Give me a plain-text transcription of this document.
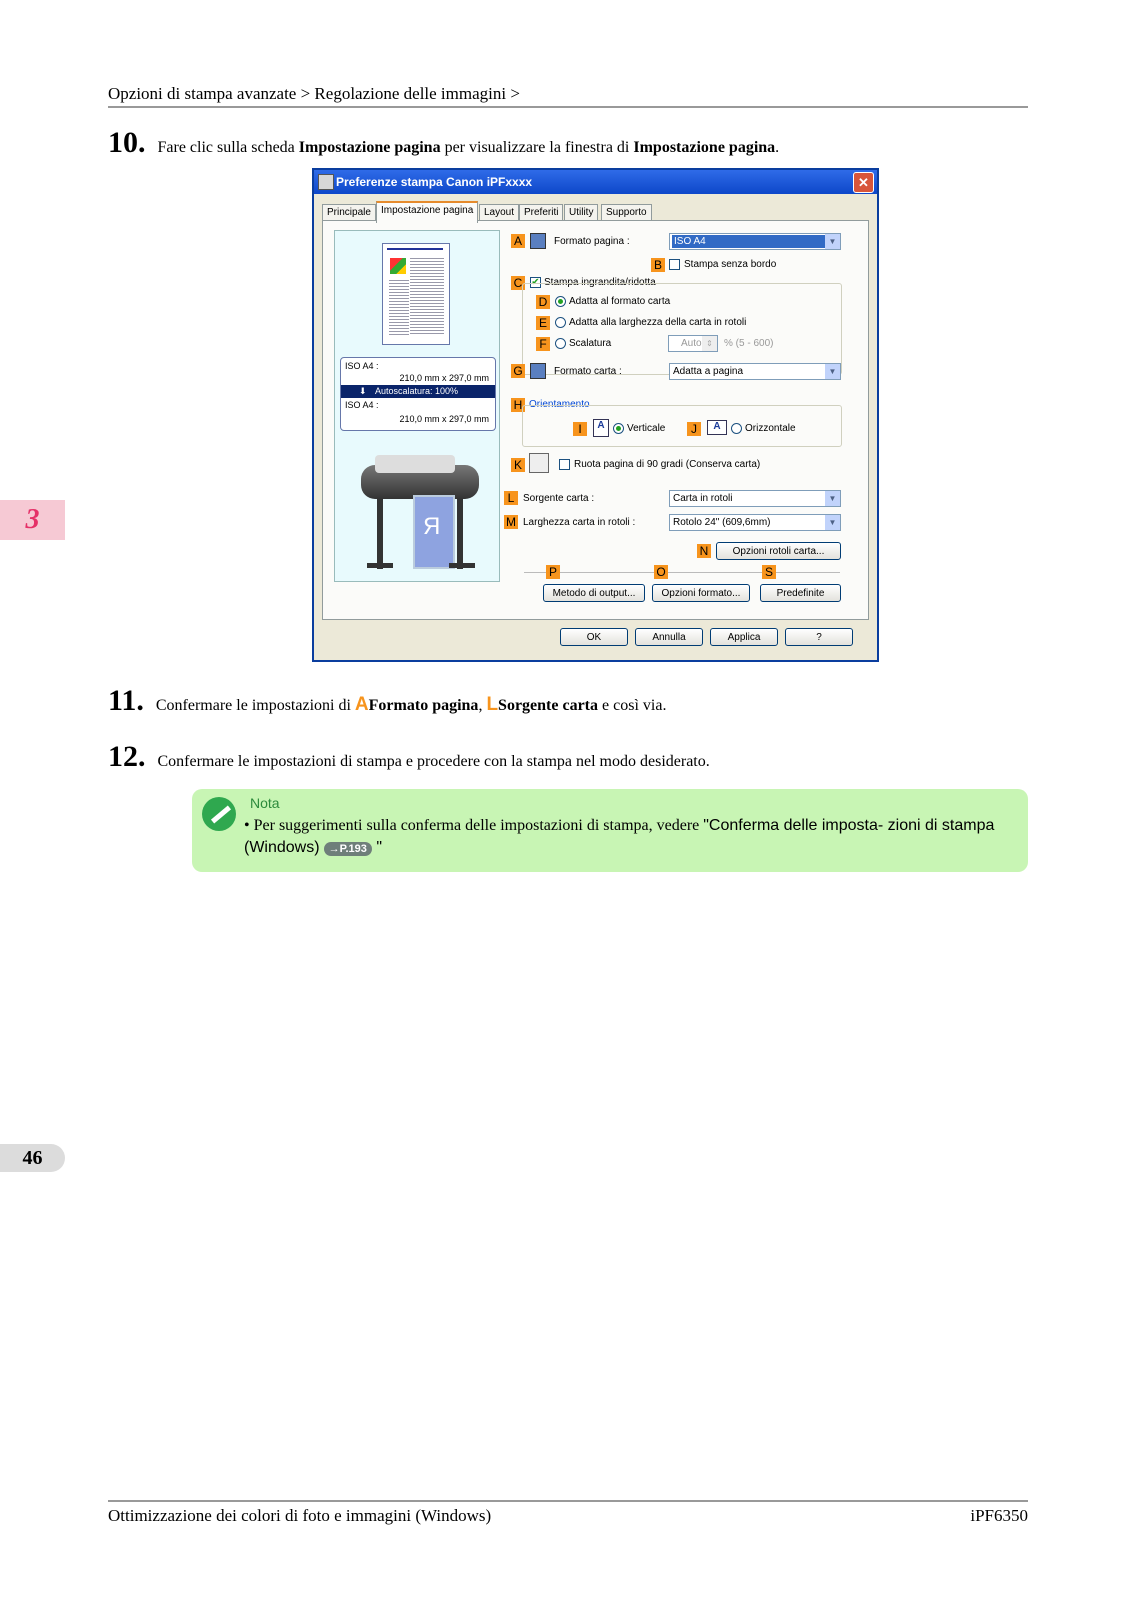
Opzioni di stampa avanzate > Regolazione delle immagini >
10. Fare clic sulla scheda Impostazione pagina per visualizzare la finestra di Impostazione pagina.
Preferenze stampa Canon iPFxxxx	✕
Principale	Impostazione pagina	Layout Preferiti	Utility	Supporto
ISO A4 :
210,0 mm x 297,0 mm
⬇ Autoscalatura: 100%
ISO A4 :
210,0 mm x 297,0 mm
R
A	Formato pagina :	ISO A4	▼
B	Stampa senza bordo
C ✔ Stampa ingrandita/ridotta
D Adatta al formato carta
E	Adatta alla larghezza della carta in rotoli
F	Scalatura	Auto ⇕	% (5 - 600)
G	Formato carta :	Adatta a pagina	▼
H Orientamento
I	A	Verticale	J	A	Orizzontale
K	Ruota pagina di 90 gradi (Conserva carta)
L Sorgente carta :	Carta in rotoli	▼
M Larghezza carta in rotoli :	Rotolo 24" (609,6mm)	▼
N	Opzioni rotoli carta...
P	O	S
Metodo di output...	Opzioni formato...	Predefinite
OK	Annulla	Applica	?
11. Confermare le impostazioni di AFormato pagina, LSorgente carta e così via.
12. Confermare le impostazioni di stampa e procedere con la stampa nel modo desiderato.
Nota
• Per suggerimenti sulla conferma delle impostazioni di stampa, vedere "Conferma delle imposta- zioni di stampa (Windows) →P.193 "
3
46
Ottimizzazione dei colori di foto e immagini (Windows)	iPF6350
